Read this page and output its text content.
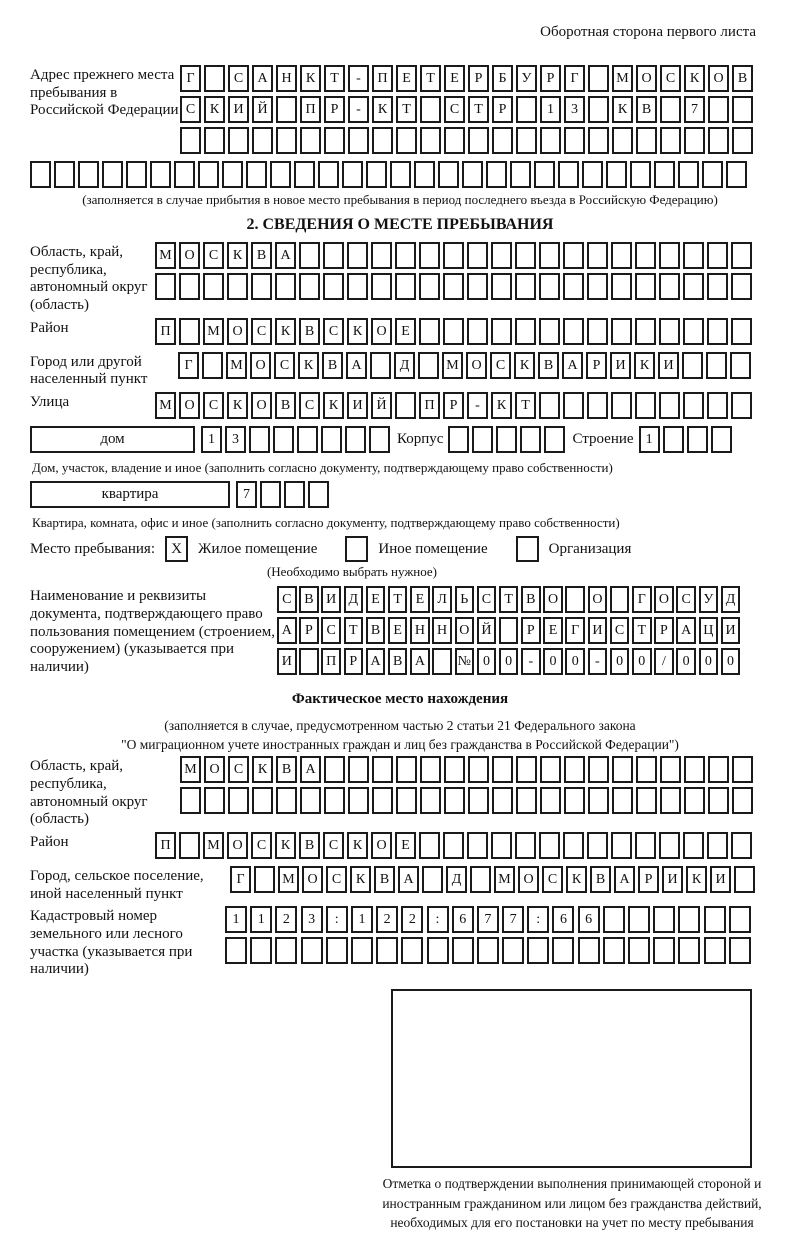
Оборотная сторона первого листа
Адрес прежнего места пребывания в Российской Федерации
Г	С А Н К Т - П Е Т Е Р Б У Р Г	М О С К О В
С К И Й	П Р - К Т	С Т Р	1 3	К В	7

(заполняется в случае прибытия в новое место пребывания в период последнего въезда в Российскую Федерацию)
2. СВЕДЕНИЯ О МЕСТЕ ПРЕБЫВАНИЯ
Область, край, республика, автономный округ (область)
М О С К В А

Район	П	М О С К В С К О Е
Город или другой населенный пункт
Г	М О С К В А	Д	М О С К В А Р И К И
Улица	М О С К О В С К И Й	П Р - К Т
дом	1 3	Корпус
	Строение 1
Дом, участок, владение и иное (заполнить согласно документу, подтверждающему право собственности)
квартира	7
Квартира, комната, офис и иное (заполнить согласно документу, подтверждающему право собственности)
Место пребывания:	X	Жилое помещение	Иное помещение	Организация
(Необходимо выбрать нужное)
Наименование и реквизиты документа, подтверждающего право пользования помещением (строением, сооружением) (указывается при наличии)
С В И Д Е Т Е Л Ь С Т В О О	Г О С У Д
А Р С Т В Е Н Н О Й	Р Е Г И С Т Р А Ц И
И П Р А В А № 0 0 - 0 0 - 0 0 / 0 0 0
Фактическое место нахождения
(заполняется в случае, предусмотренном частью 2 статьи 21 Федерального закона
"О миграционном учете иностранных граждан и лиц без гражданства в Российской Федерации")
Область, край, республика, автономный округ (область)
М О С К В А

Район	П	М О С К В С К О Е
Город, сельское поселение, иной населенный пункт
Г	М О С К В А	Д	М О С К В А Р И К И
Кадастровый номер земельного или лесного участка (указывается при наличии)
1 1 2 3 : 1 2 2 : 6 7 7 : 6 6

Отметка о подтверждении выполнения принимающей стороной и иностранным гражданином или лицом без гражданства действий, необходимых для его постановки на учет по месту пребывания
